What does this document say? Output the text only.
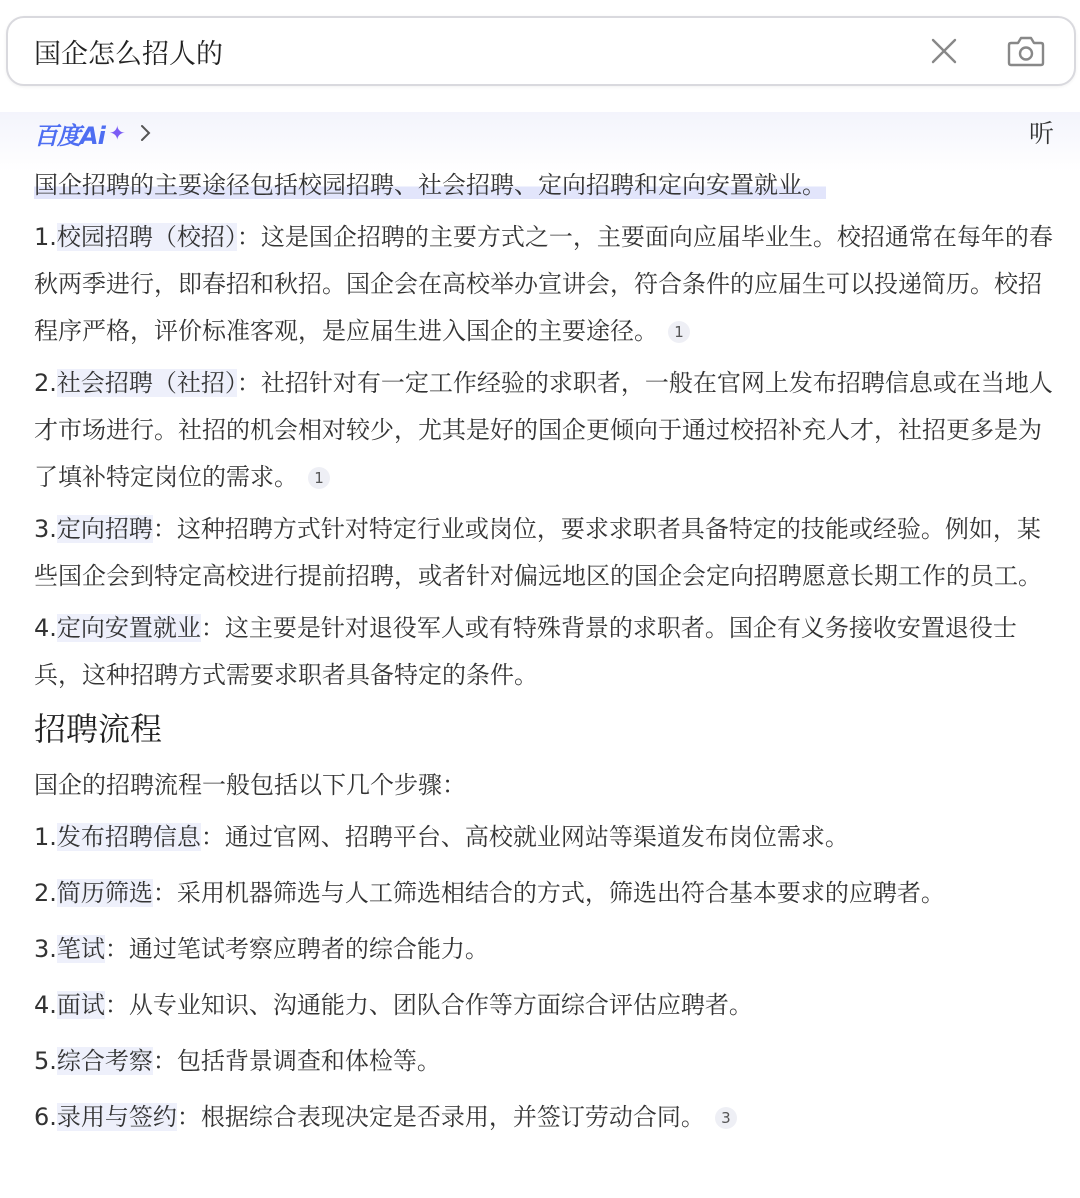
国企怎么招人的
百度Ai ✦	听

国企招聘的主要途径包括校园招聘、社会招聘、定向招聘和定向安置就业。

1.校园招聘（校招）：这是国企招聘的主要方式之一，主要面向应届毕业生。校招通常在每年的春秋两季进行，即春招和秋招。国企会在高校举办宣讲会，符合条件的应届生可以投递简历。校招程序严格，评价标准客观，是应届生进入国企的主要途径。 1

2.社会招聘（社招）：社招针对有一定工作经验的求职者，一般在官网上发布招聘信息或在当地人才市场进行。社招的机会相对较少，尤其是好的国企更倾向于通过校招补充人才，社招更多是为了填补特定岗位的需求。 1

3.定向招聘：这种招聘方式针对特定行业或岗位，要求求职者具备特定的技能或经验。例如，某些国企会到特定高校进行提前招聘，或者针对偏远地区的国企会定向招聘愿意长期工作的员工。

4.定向安置就业：这主要是针对退役军人或有特殊背景的求职者。国企有义务接收安置退役士兵，这种招聘方式需要求职者具备特定的条件。

招聘流程

国企的招聘流程一般包括以下几个步骤：

1.发布招聘信息：通过官网、招聘平台、高校就业网站等渠道发布岗位需求。

2.简历筛选：采用机器筛选与人工筛选相结合的方式，筛选出符合基本要求的应聘者。

3.笔试：通过笔试考察应聘者的综合能力。

4.面试：从专业知识、沟通能力、团队合作等方面综合评估应聘者。

5.综合考察：包括背景调查和体检等。

6.录用与签约：根据综合表现决定是否录用，并签订劳动合同。 3
